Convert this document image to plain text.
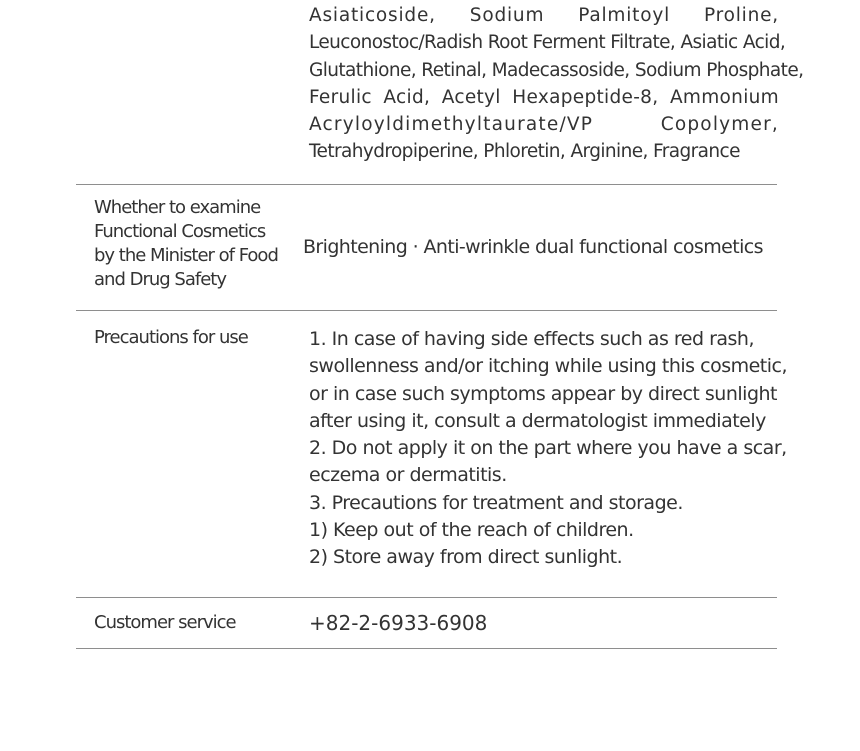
Asiaticoside, Sodium Palmitoyl Proline,
Leuconostoc/Radish Root Ferment Filtrate, Asiatic Acid,
Glutathione, Retinal, Madecassoside, Sodium Phosphate,
Ferulic Acid, Acetyl Hexapeptide-8, Ammonium
Acryloyldimethyltaurate/VP Copolymer,
Tetrahydropiperine, Phloretin, Arginine, Fragrance
Whether to examine
Functional Cosmetics
by the Minister of Food
and Drug Safety
Brightening · Anti-wrinkle dual functional cosmetics
Precautions for use	1. In case of having side effects such as red rash,
swollenness and/or itching while using this cosmetic,
or in case such symptoms appear by direct sunlight
after using it, consult a dermatologist immediately
2. Do not apply it on the part where you have a scar,
eczema or dermatitis.
3. Precautions for treatment and storage.
1) Keep out of the reach of children.
2) Store away from direct sunlight.
Customer service	+82-2-6933-6908
